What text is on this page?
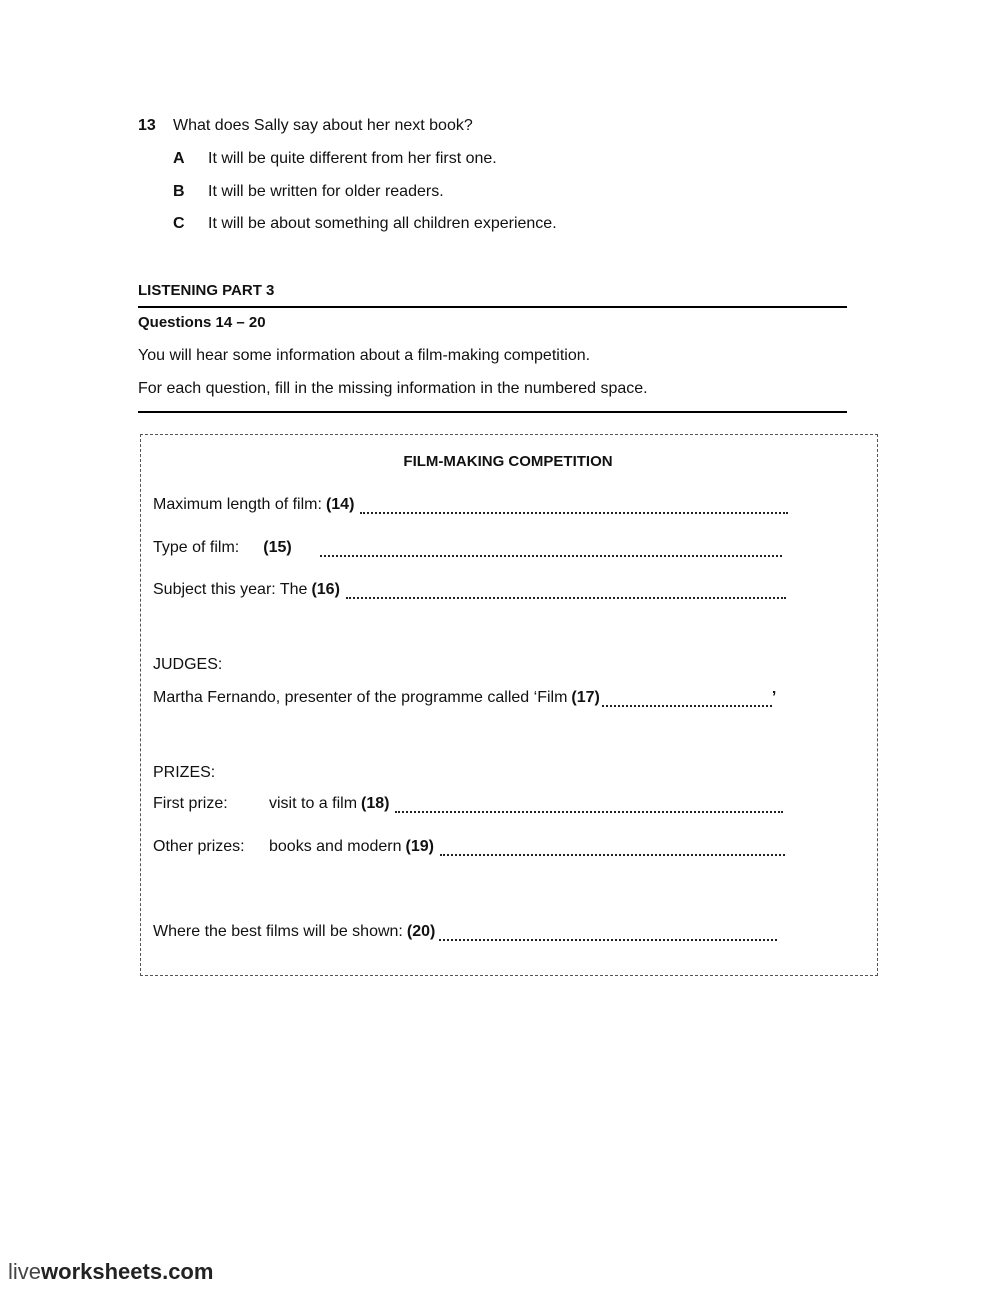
13 What does Sally say about her next book?
A It will be quite different from her first one.
B It will be written for older readers.
C It will be about something all children experience.
LISTENING PART 3
Questions 14 – 20
You will hear some information about a film-making competition.
For each question, fill in the missing information in the numbered space.
FILM-MAKING COMPETITION
Maximum length of film: (14)
Type of film: (15)
Subject this year: The (16)
JUDGES:
Martha Fernando, presenter of the programme called ‘Film (17)	’
PRIZES:
First prize:	visit to a film (18)
Other prizes: books and modern (19)
Where the best films will be shown: (20)
liveworksheets.com
